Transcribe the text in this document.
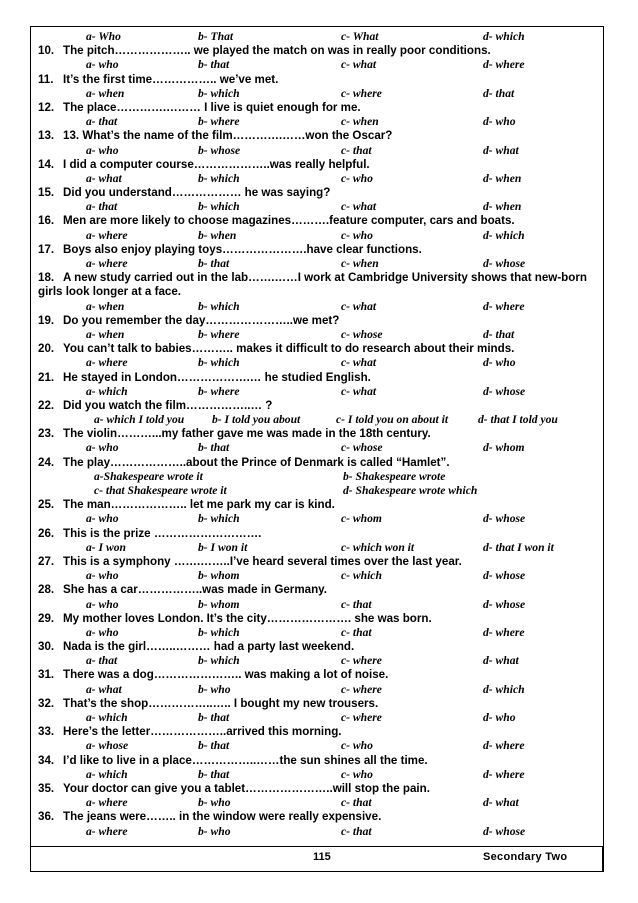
a- Who	b- That	c- What	d- which
10. The pitch……………….. we played the match on was in really poor conditions.
a- who	b- that	c- what	d- where
11. It’s the first time…………….. we’ve met.
a- when	b- which	c- where	d- that
12. The place………….……… I live is quiet enough for me.
a- that	b- where	c- when	d- who
13. 13. What’s the name of the film………….……won the Oscar?
a- who	b- whose	c- that	d- what
14. I did a computer course………………..was really helpful.
a- what	b- which	c- who	d- when
15. Did you understand……………… he was saying?
a- that	b- which	c- what	d- when
16. Men are more likely to choose magazines……….feature computer, cars and boats.
a- where	b- when	c- who	d- which
17. Boys also enjoy playing toys………………….have clear functions.
a- where	b- that	c- when	d- whose
18. A new study carried out in the lab…….……I work at Cambridge University shows that new-born
girls look longer at a face.
a- when	b- which	c- what	d- where
19. Do you remember the day…………………..we met?
a- when	b- where	c- whose	d- that
20. You can’t talk to babies……….. makes it difficult to do research about their minds.
a- where	b- which	c- what	d- who
21. He stayed in London……………….… he studied English.
a- which	b- where	c- what	d- whose
22. Did you watch the film……………..… ?
a- which I told you b- I told you about	c- I told you on about it	d- that I told you
23. The violin………...my father gave me was made in the 18th century.
a- who	b- that	c- whose	d- whom
24. The play………………..about the Prince of Denmark is called “Hamlet”.
a-Shakespeare wrote it	b- Shakespeare wrote
c- that Shakespeare wrote it	d- Shakespeare wrote which
25. The man……………….. let me park my car is kind.
a- who	b- which	c- whom	d- whose
26. This is the prize ……………………….
a- I won	b- I won it	c- which won it	d- that I won it
27. This is a symphony …….……..I’ve heard several times over the last year.
a- who	b- whom	c- which	d- whose
28. She has a car……………..was made in Germany.
a- who	b- whom	c- that	d- whose
29. My mother loves London. It’s the city…………………. she was born.
a- who	b- which	c- that	d- where
30. Nada is the girl……..……… had a party last weekend.
a- that	b- which	c- where	d- what
31. There was a dog………………….. was making a lot of noise.
a- what	b- who	c- where	d- which
32. That’s the shop……………..….. I bought my new trousers.
a- which	b- that	c- where	d- who
33. Here’s the letter………………..arrived this morning.
a- whose	b- that	c- who	d- where
34. I’d like to live in a place……………..……the sun shines all the time.
a- which	b- that	c- who	d- where
35. Your doctor can give you a tablet…………………..will stop the pain.
a- where	b- who	c- that	d- what
36. The jeans were…….. in the window were really expensive.
a- where	b- who	c- that	d- whose
115	Secondary Two
